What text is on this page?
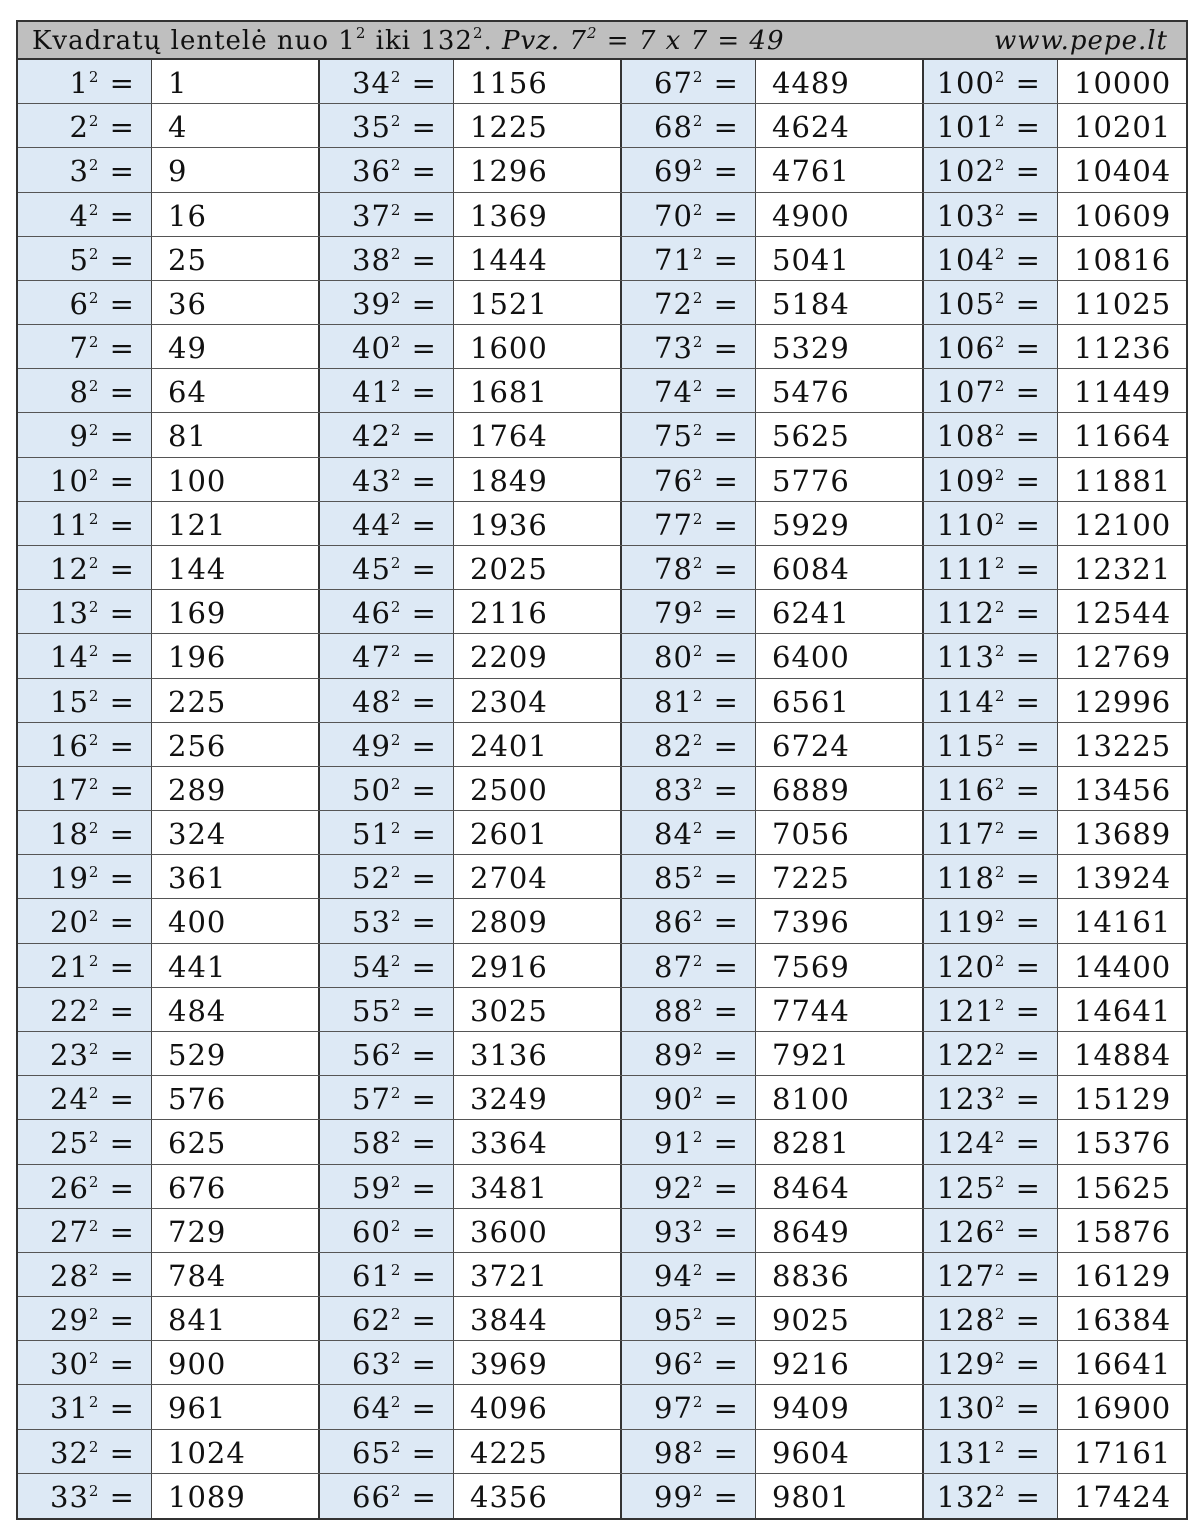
Kvadratų lentelė nuo $1^2$ iki $132^2$. Pvz. $7^2 = 7$ x 7 = 49	www.pepe.lt
$1^2$ =	1	$34^2$ =	1156	$67^2$ =	4489	$100^2$ =	10000
$2^2$ =	4	$35^2$ =	1225	$68^2$ =	4624	$101^2$ =	10201
$3^2$ =	9	$36^2$ =	1296	$69^2$ =	4761	$102^2$ =	10404
$4^2$ =	16	$37^2$ =	1369	$70^2$ =	4900	$103^2$ =	10609
$5^2$ =	25	$38^2$ =	1444	$71^2$ =	5041	$104^2$ =	10816
$6^2$ =	36	$39^2$ =	1521	$72^2$ =	5184	$105^2$ =	11025
$7^2$ =	49	$40^2$ =	1600	$73^2$ =	5329	$106^2$ =	11236
$8^2$ =	64	$41^2$ =	1681	$74^2$ =	5476	$107^2$ =	11449
$9^2$ =	81	$42^2$ =	1764	$75^2$ =	5625	$108^2$ =	11664
$10^2$ =	100	$43^2$ =	1849	$76^2$ =	5776	$109^2$ =	11881
$11^2$ =	121	$44^2$ =	1936	$77^2$ =	5929	$110^2$ =	12100
$12^2$ =	144	$45^2$ =	2025	$78^2$ =	6084	$111^2$ =	12321
$13^2$ =	169	$46^2$ =	2116	$79^2$ =	6241	$112^2$ =	12544
$14^2$ =	196	$47^2$ =	2209	$80^2$ =	6400	$113^2$ =	12769
$15^2$ =	225	$48^2$ =	2304	$81^2$ =	6561	$114^2$ =	12996
$16^2$ =	256	$49^2$ =	2401	$82^2$ =	6724	$115^2$ =	13225
$17^2$ =	289	$50^2$ =	2500	$83^2$ =	6889	$116^2$ =	13456
$18^2$ =	324	$51^2$ =	2601	$84^2$ =	7056	$117^2$ =	13689
$19^2$ =	361	$52^2$ =	2704	$85^2$ =	7225	$118^2$ =	13924
$20^2$ =	400	$53^2$ =	2809	$86^2$ =	7396	$119^2$ =	14161
$21^2$ =	441	$54^2$ =	2916	$87^2$ =	7569	$120^2$ =	14400
$22^2$ =	484	$55^2$ =	3025	$88^2$ =	7744	$121^2$ =	14641
$23^2$ =	529	$56^2$ =	3136	$89^2$ =	7921	$122^2$ =	14884
$24^2$ =	576	$57^2$ =	3249	$90^2$ =	8100	$123^2$ =	15129
$25^2$ =	625	$58^2$ =	3364	$91^2$ =	8281	$124^2$ =	15376
$26^2$ =	676	$59^2$ =	3481	$92^2$ =	8464	$125^2$ =	15625
$27^2$ =	729	$60^2$ =	3600	$93^2$ =	8649	$126^2$ =	15876
$28^2$ =	784	$61^2$ =	3721	$94^2$ =	8836	$127^2$ =	16129
$29^2$ =	841	$62^2$ =	3844	$95^2$ =	9025	$128^2$ =	16384
$30^2$ =	900	$63^2$ =	3969	$96^2$ =	9216	$129^2$ =	16641
$31^2$ =	961	$64^2$ =	4096	$97^2$ =	9409	$130^2$ =	16900
$32^2$ =	1024	$65^2$ =	4225	$98^2$ =	9604	$131^2$ =	17161
$33^2$ =	1089	$66^2$ =	4356	$99^2$ =	9801	$132^2$ =	17424
